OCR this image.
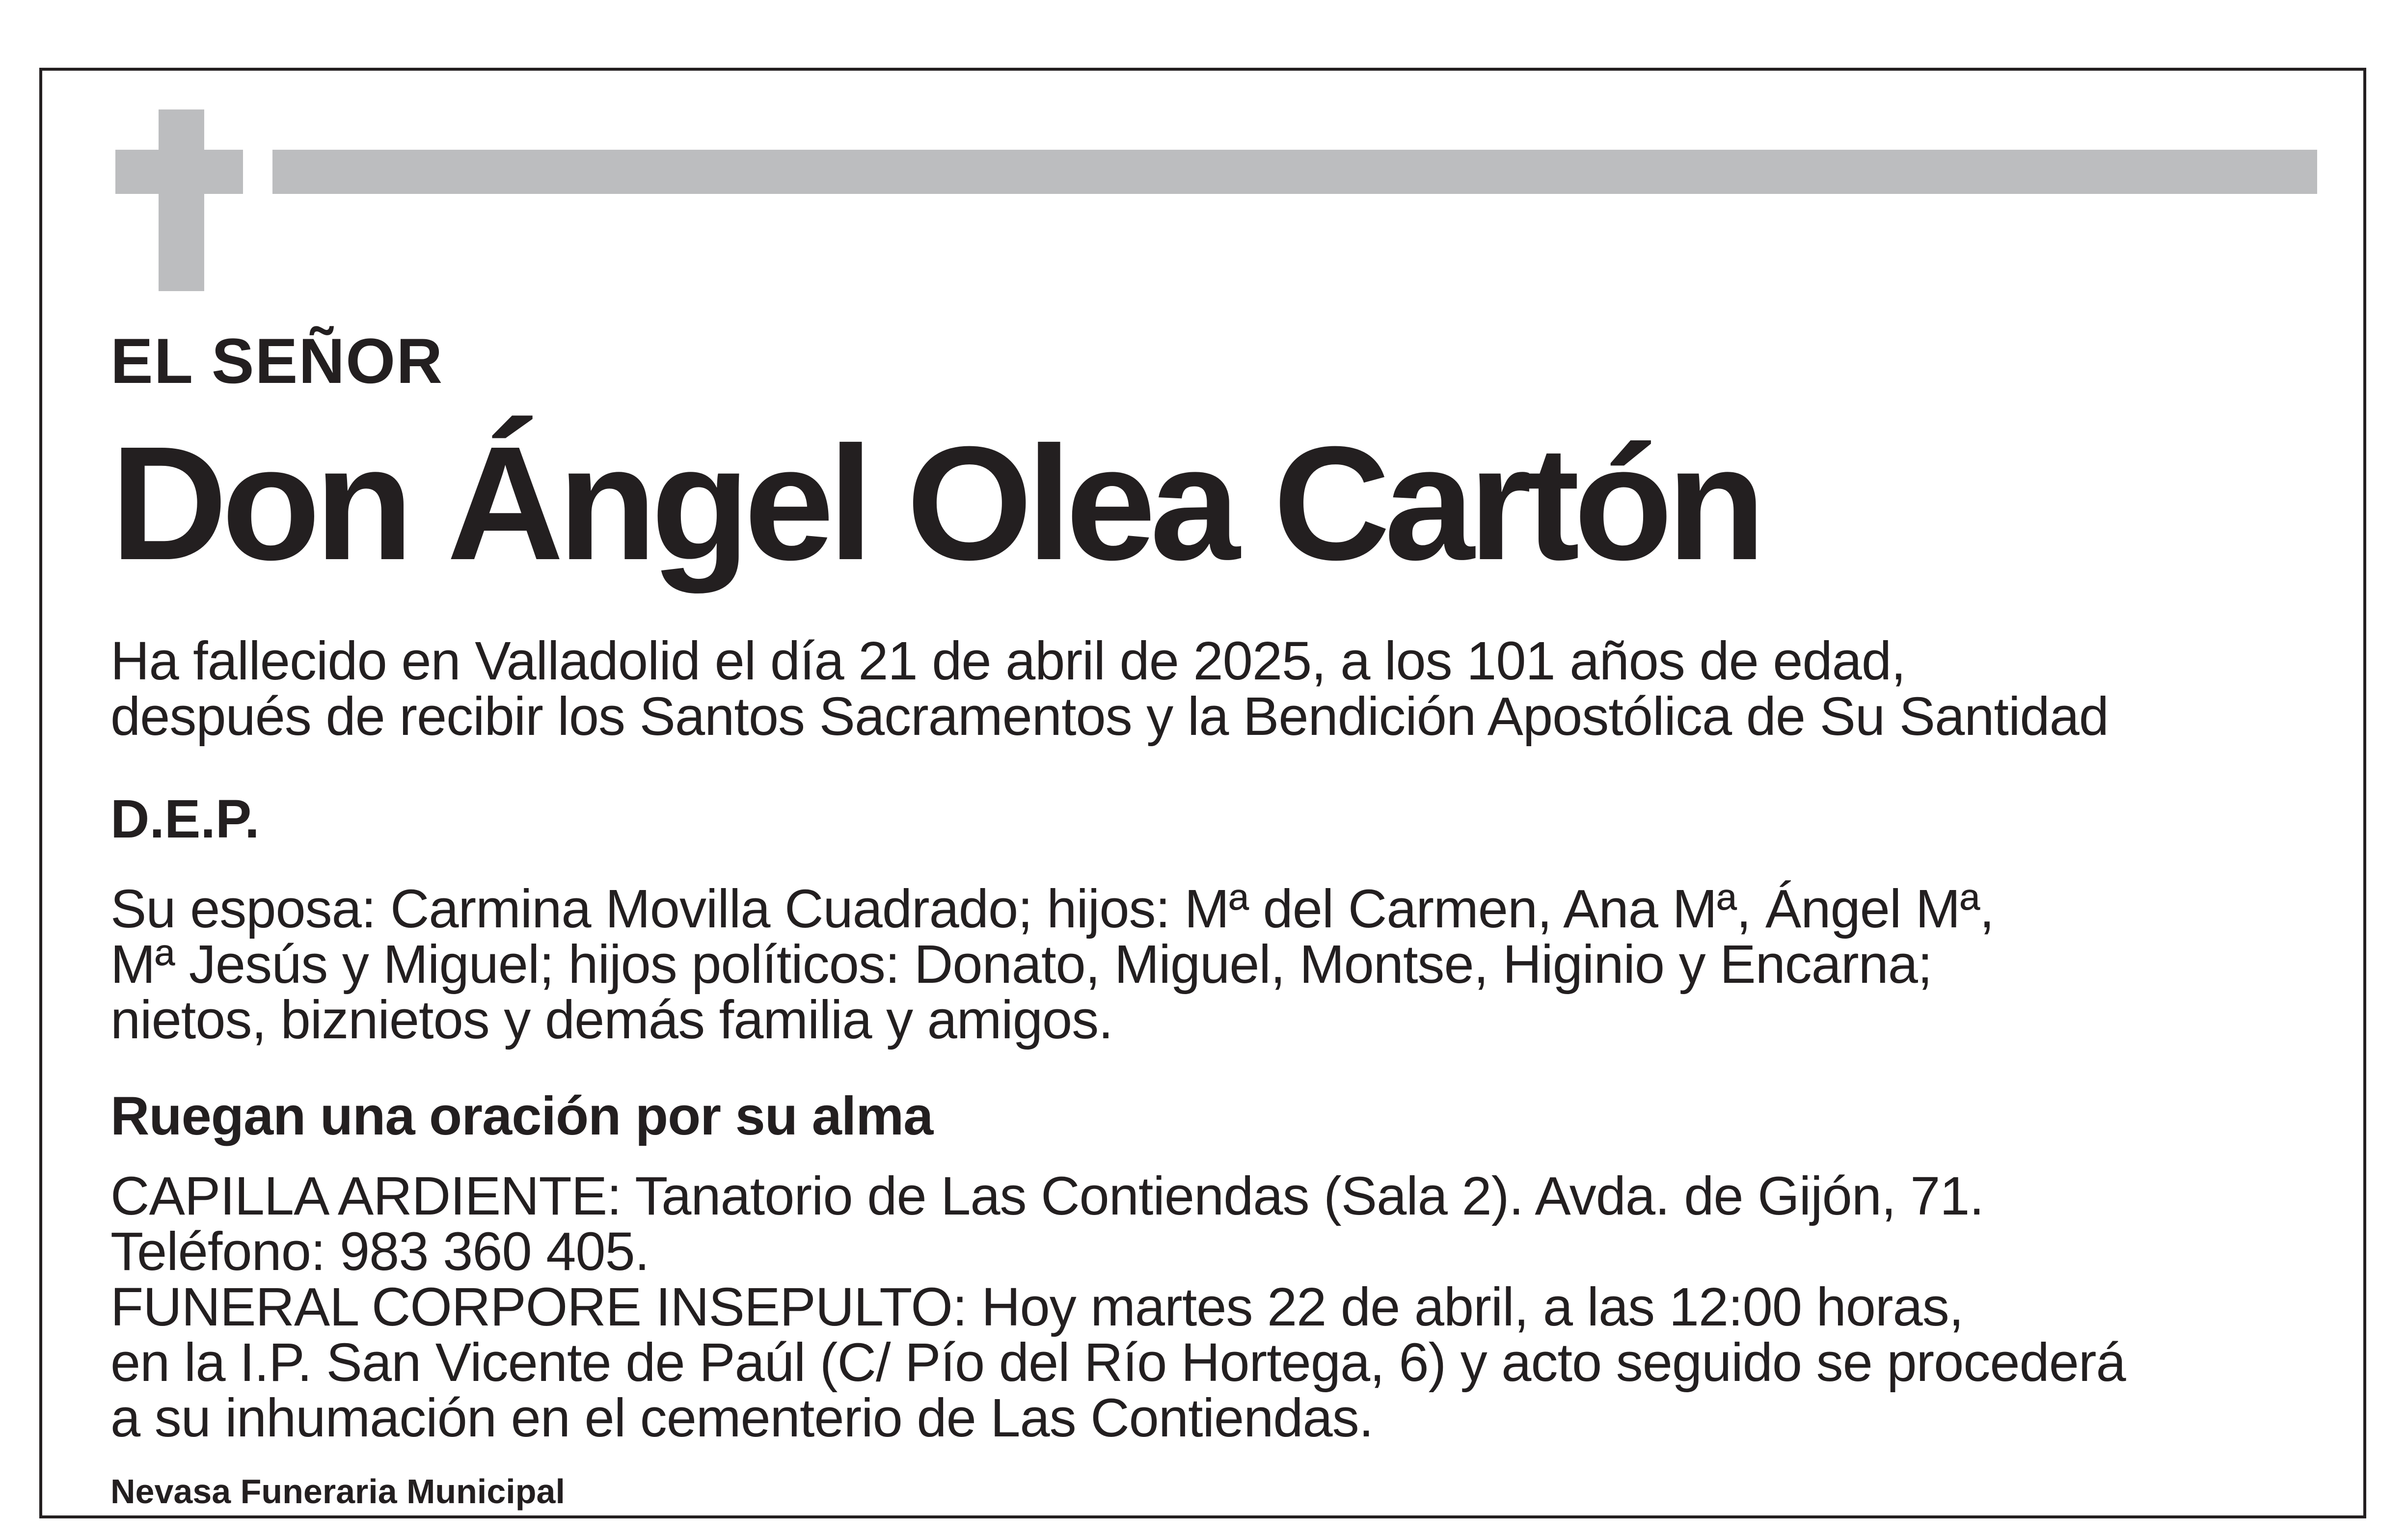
EL SEÑOR

Don Ángel Olea Cartón

Ha fallecido en Valladolid el día 21 de abril de 2025, a los 101 años de edad,
después de recibir los Santos Sacramentos y la Bendición Apostólica de Su Santidad

D.E.P.

Su esposa: Carmina Movilla Cuadrado; hijos: Mª del Carmen, Ana Mª, Ángel Mª,
Mª Jesús y Miguel; hijos políticos: Donato, Miguel, Montse, Higinio y Encarna;
nietos, biznietos y demás familia y amigos.

Ruegan una oración por su alma

CAPILLA ARDIENTE: Tanatorio de Las Contiendas (Sala 2). Avda. de Gijón, 71.
Teléfono: 983 360 405.
FUNERAL CORPORE INSEPULTO: Hoy martes 22 de abril, a las 12:00 horas,
en la I.P. San Vicente de Paúl (C/ Pío del Río Hortega, 6) y acto seguido se procederá
a su inhumación en el cementerio de Las Contiendas.

Nevasa Funeraria Municipal
